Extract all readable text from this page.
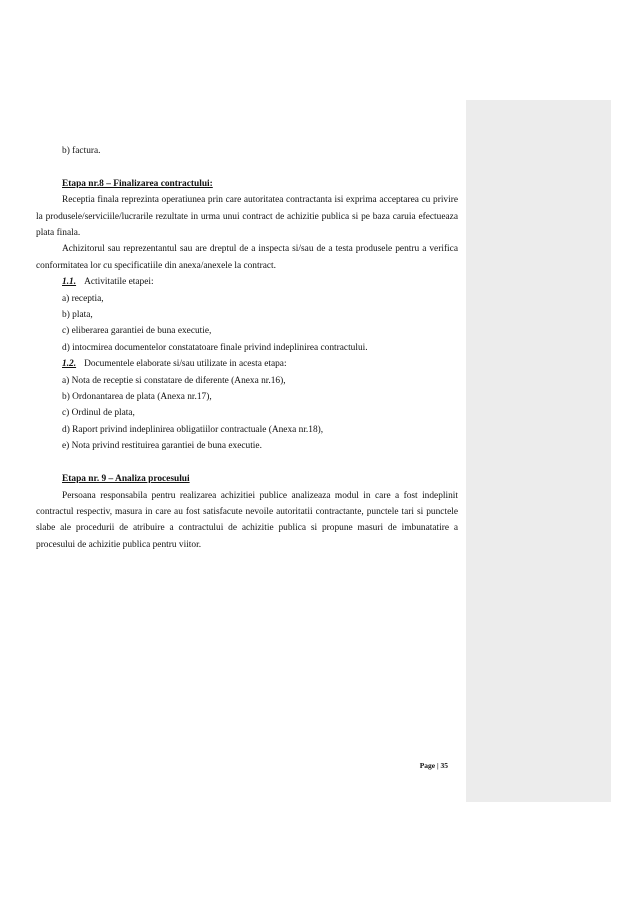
b) factura.

Etapa nr.8 – Finalizarea contractului:

Receptia finala reprezinta operatiunea prin care autoritatea contractanta isi exprima acceptarea cu privire la produsele/serviciile/lucrarile rezultate in urma unui contract de achizitie publica si pe baza caruia efectueaza plata finala.

Achizitorul sau reprezentantul sau are dreptul de a inspecta si/sau de a testa produsele pentru a verifica conformitatea lor cu specificatiile din anexa/anexele la contract.

1.1. Activitatile etapei:

a) receptia,

b) plata,

c) eliberarea garantiei de buna executie,

d) intocmirea documentelor constatatoare finale privind indeplinirea contractului.

1.2. Documentele elaborate si/sau utilizate in acesta etapa:

a) Nota de receptie si constatare de diferente (Anexa nr.16),

b) Ordonantarea de plata (Anexa nr.17),

c) Ordinul de plata,

d) Raport privind indeplinirea obligatiilor contractuale (Anexa nr.18),

e) Nota privind restituirea garantiei de buna executie.

Etapa nr. 9 – Analiza procesului

Persoana responsabila pentru realizarea achizitiei publice analizeaza modul in care a fost indeplinit contractul respectiv, masura in care au fost satisfacute nevoile autoritatii contractante, punctele tari si punctele slabe ale procedurii de atribuire a contractului de achizitie publica si propune masuri de imbunatatire a procesului de achizitie publica pentru viitor.

Page | 35
